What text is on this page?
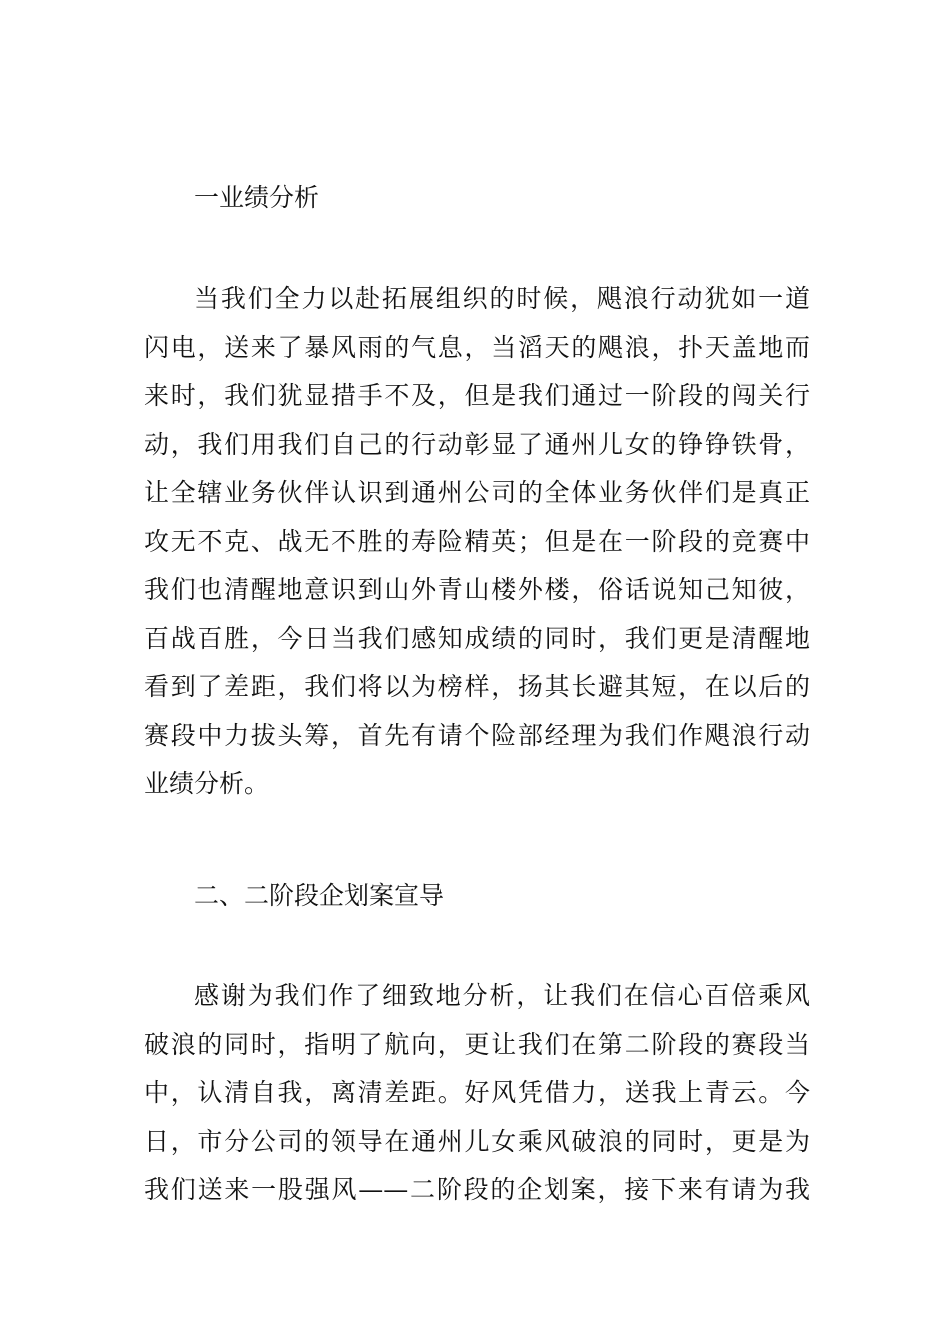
一业绩分析
当我们全力以赴拓展组织的时候，飓浪行动犹如一道
闪电，送来了暴风雨的气息，当滔天的飓浪，扑天盖地而
来时，我们犹显措手不及，但是我们通过一阶段的闯关行
动，我们用我们自己的行动彰显了通州儿女的铮铮铁骨，
让全辖业务伙伴认识到通州公司的全体业务伙伴们是真正
攻无不克、战无不胜的寿险精英；但是在一阶段的竞赛中
我们也清醒地意识到山外青山楼外楼，俗话说知己知彼，
百战百胜，今日当我们感知成绩的同时，我们更是清醒地
看到了差距，我们将以为榜样，扬其长避其短，在以后的
赛段中力拔头筹，首先有请个险部经理为我们作飓浪行动
业绩分析。
二、二阶段企划案宣导
感谢为我们作了细致地分析，让我们在信心百倍乘风
破浪的同时，指明了航向，更让我们在第二阶段的赛段当
中，认清自我，离清差距。好风凭借力，送我上青云。今
日，市分公司的领导在通州儿女乘风破浪的同时，更是为
我们送来一股强风——二阶段的企划案，接下来有请为我
